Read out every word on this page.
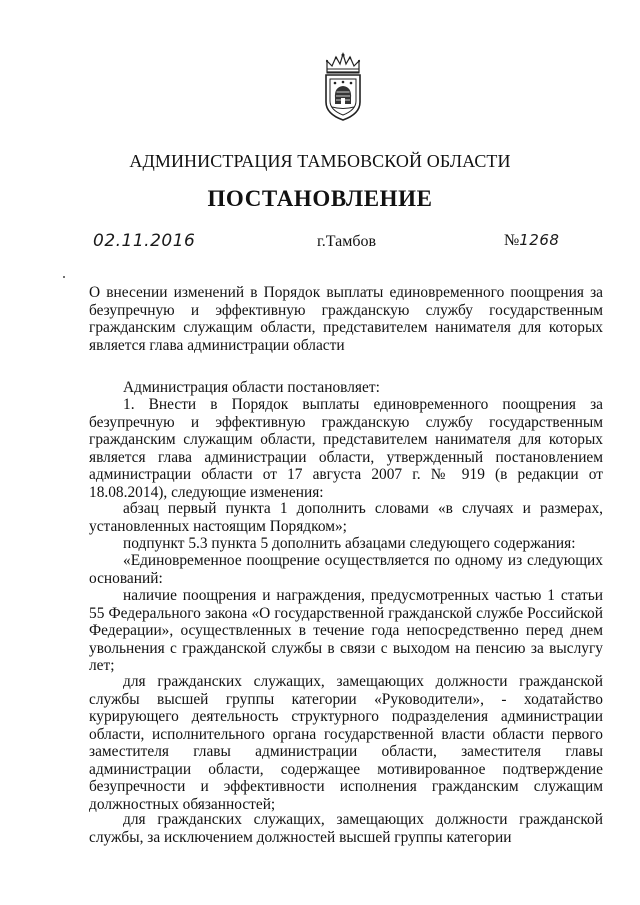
АДМИНИСТРАЦИЯ ТАМБОВСКОЙ ОБЛАСТИ
ПОСТАНОВЛЕНИЕ
02.11.2016	г.Тамбов	№1268
О внесении изменений в Порядок выплаты единовременного поощрения за безупречную и эффективную гражданскую службу государственным гражданским служащим области, представителем нанимателя для которых является глава администрации области
Администрация области постановляет:
1. Внести в Порядок выплаты единовременного поощрения за безупречную и эффективную гражданскую службу государственным гражданским служащим области, представителем нанимателя для которых является глава администрации области, утвержденный постановлением администрации области от 17 августа 2007 г. № 919 (в редакции от 18.08.2014), следующие изменения:
абзац первый пункта 1 дополнить словами «в случаях и размерах, установленных настоящим Порядком»;
подпункт 5.3 пункта 5 дополнить абзацами следующего содержания:
«Единовременное поощрение осуществляется по одному из следующих оснований:
наличие поощрения и награждения, предусмотренных частью 1 статьи 55 Федерального закона «О государственной гражданской службе Российской Федерации», осуществленных в течение года непосредственно перед днем увольнения с гражданской службы в связи с выходом на пенсию за выслугу лет;
для гражданских служащих, замещающих должности гражданской службы высшей группы категории «Руководители», - ходатайство курирующего деятельность структурного подразделения администрации области, исполнительного органа государственной власти области первого заместителя главы администрации области, заместителя главы администрации области, содержащее мотивированное подтверждение безупречности и эффективности исполнения гражданским служащим должностных обязанностей;
для гражданских служащих, замещающих должности гражданской службы, за исключением должностей высшей группы категории
